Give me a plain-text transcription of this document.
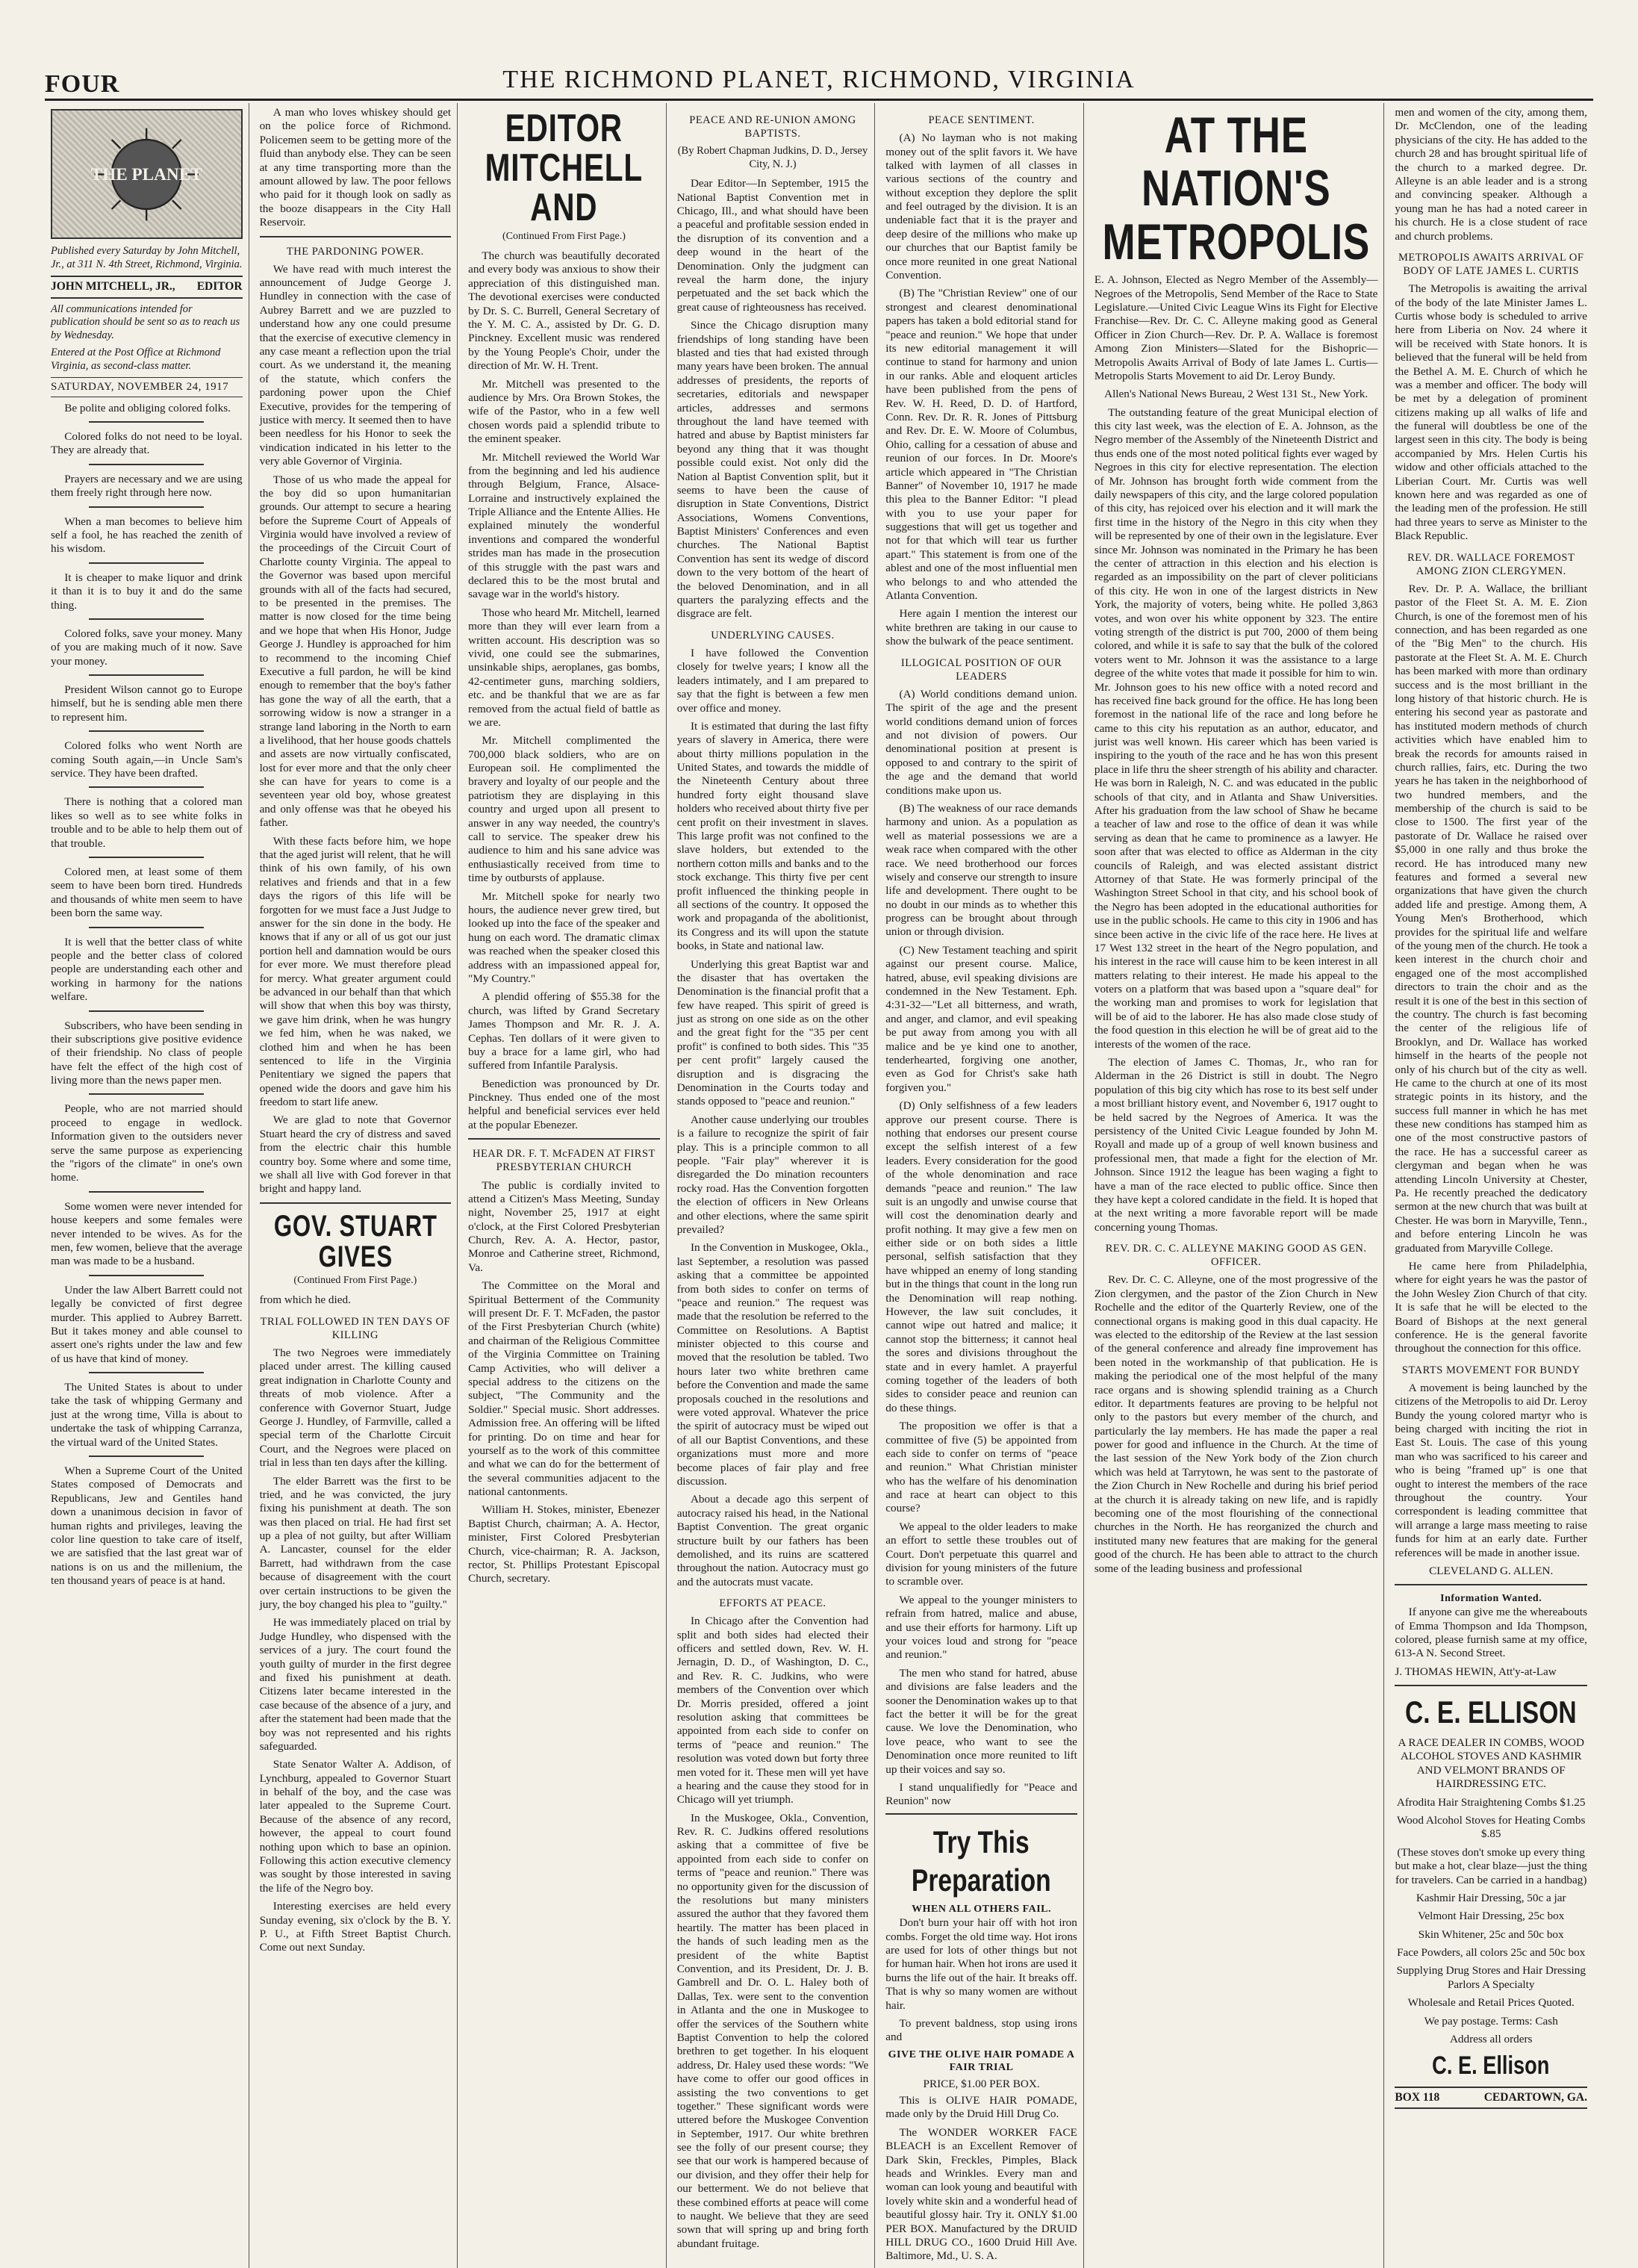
FOUR	THE RICHMOND PLANET, RICHMOND, VIRGINIA
THE PLANET
Published every Saturday by John Mitchell, Jr., at 311 N. 4th Street, Richmond, Virginia.
JOHN MITCHELL, JR., EDITOR
All communications intended for publication should be sent so as to reach us by Wednesday.
Entered at the Post Office at Richmond Virginia, as second-class matter.
SATURDAY, NOVEMBER 24, 1917

Be polite and obliging colored folks.

Colored folks do not need to be loyal. They are already that.

Prayers are necessary and we are using them freely right through here now.

When a man becomes to believe him self a fool, he has reached the zenith of his wisdom.

It is cheaper to make liquor and drink it than it is to buy it and do the same thing.

Colored folks, save your money. Many of you are making much of it now. Save your money.

President Wilson cannot go to Europe himself, but he is sending able men there to represent him.

Colored folks who went North are coming South again,—in Uncle Sam's service. They have been drafted.

There is nothing that a colored man likes so well as to see white folks in trouble and to be able to help them out of that trouble.

Colored men, at least some of them seem to have been born tired. Hundreds and thousands of white men seem to have been born the same way.

It is well that the better class of white people and the better class of colored people are understanding each other and working in harmony for the nations welfare.

Subscribers, who have been sending in their subscriptions give positive evidence of their friendship. No class of people have felt the effect of the high cost of living more than the news paper men.

People, who are not married should proceed to engage in wedlock. Information given to the outsiders never serve the same purpose as experiencing the "rigors of the climate" in one's own home.

Some women were never intended for house keepers and some females were never intended to be wives. As for the men, few women, believe that the average man was made to be a husband.

Under the law Albert Barrett could not legally be convicted of first degree murder. This applied to Aubrey Barrett. But it takes money and able counsel to assert one's rights under the law and few of us have that kind of money.

The United States is about to under take the task of whipping Germany and just at the wrong time, Villa is about to undertake the task of whipping Carranza, the virtual ward of the United States.

When a Supreme Court of the United States composed of Democrats and Republicans, Jew and Gentiles hand down a unanimous decision in favor of human rights and privileges, leaving the color line question to take care of itself, we are satisfied that the last great war of nations is on us and the millenium, the ten thousand years of peace is at hand.

A man who loves whiskey should get on the police force of Richmond. Policemen seem to be getting more of the fluid than anybody else. They can be seen at any time transporting more than the amount allowed by law. The poor fellows who paid for it though look on sadly as the booze disappears in the City Hall Reservoir.

THE PARDONING POWER.

We have read with much interest the announcement of Judge George J. Hundley in connection with the case of Aubrey Barrett and we are puzzled to understand how any one could presume that the exercise of executive clemency in any case meant a reflection upon the trial court. As we understand it, the meaning of the statute, which confers the pardoning power upon the Chief Executive, provides for the tempering of justice with mercy. It seemed then to have been needless for his Honor to seek the vindication indicated in his letter to the very able Governor of Virginia.

Those of us who made the appeal for the boy did so upon humanitarian grounds. Our attempt to secure a hearing before the Supreme Court of Appeals of Virginia would have involved a review of the proceedings of the Circuit Court of Charlotte county Virginia. The appeal to the Governor was based upon merciful grounds with all of the facts had secured, to be presented in the premises. The matter is now closed for the time being and we hope that when His Honor, Judge George J. Hundley is approached for him to recommend to the incoming Chief Executive a full pardon, he will be kind enough to remember that the boy's father has gone the way of all the earth, that a sorrowing widow is now a stranger in a strange land laboring in the North to earn a livelihood, that her house goods chattels and assets are now virtually confiscated, lost for ever more and that the only cheer she can have for years to come is a seventeen year old boy, whose greatest and only offense was that he obeyed his father.

With these facts before him, we hope that the aged jurist will relent, that he will think of his own family, of his own relatives and friends and that in a few days the rigors of this life will be forgotten for we must face a Just Judge to answer for the sin done in the body. He knows that if any or all of us got our just portion hell and damnation would be ours for ever more. We must therefore plead for mercy. What greater argument could be advanced in our behalf than that which will show that when this boy was thirsty, we gave him drink, when he was hungry we fed him, when he was naked, we clothed him and when he has been sentenced to life in the Virginia Penitentiary we signed the papers that opened wide the doors and gave him his freedom to start life anew.

We are glad to note that Governor Stuart heard the cry of distress and saved from the electric chair this humble country boy. Some where and some time, we shall all live with God forever in that bright and happy land.

GOV. STUART GIVES
(Continued From First Page.)

from which he died.

TRIAL FOLLOWED IN TEN DAYS OF KILLING

The two Negroes were immediately placed under arrest. The killing caused great indignation in Charlotte County and threats of mob violence. After a conference with Governor Stuart, Judge George J. Hundley, of Farmville, called a special term of the Charlotte Circuit Court, and the Negroes were placed on trial in less than ten days after the killing.

The elder Barrett was the first to be tried, and he was convicted, the jury fixing his punishment at death. The son was then placed on trial. He had first set up a plea of not guilty, but after William A. Lancaster, counsel for the elder Barrett, had withdrawn from the case because of disagreement with the court over certain instructions to be given the jury, the boy changed his plea to "guilty."

He was immediately placed on trial by Judge Hundley, who dispensed with the services of a jury. The court found the youth guilty of murder in the first degree and fixed his punishment at death. Citizens later became interested in the case because of the absence of a jury, and after the statement had been made that the boy was not represented and his rights safeguarded.

State Senator Walter A. Addison, of Lynchburg, appealed to Governor Stuart in behalf of the boy, and the case was later appealed to the Supreme Court. Because of the absence of any record, however, the appeal to court found nothing upon which to base an opinion. Following this action executive clemency was sought by those interested in saving the life of the Negro boy.

Interesting exercises are held every Sunday evening, six o'clock by the B. Y. P. U., at Fifth Street Baptist Church. Come out next Sunday.

EDITOR MITCHELL AND
(Continued From First Page.)

The church was beautifully decorated and every body was anxious to show their appreciation of this distinguished man. The devotional exercises were conducted by Dr. S. C. Burrell, General Secretary of the Y. M. C. A., assisted by Dr. G. D. Pinckney. Excellent music was rendered by the Young People's Choir, under the direction of Mr. W. H. Trent.

Mr. Mitchell was presented to the audience by Mrs. Ora Brown Stokes, the wife of the Pastor, who in a few well chosen words paid a splendid tribute to the eminent speaker.

Mr. Mitchell reviewed the World War from the beginning and led his audience through Belgium, France, Alsace-Lorraine and instructively explained the Triple Alliance and the Entente Allies. He explained minutely the wonderful inventions and compared the wonderful strides man has made in the prosecution of this struggle with the past wars and declared this to be the most brutal and savage war in the world's history.

Those who heard Mr. Mitchell, learned more than they will ever learn from a written account. His description was so vivid, one could see the submarines, unsinkable ships, aeroplanes, gas bombs, 42-centimeter guns, marching soldiers, etc. and be thankful that we are as far removed from the actual field of battle as we are.

Mr. Mitchell complimented the 700,000 black soldiers, who are on European soil. He complimented the bravery and loyalty of our people and the patriotism they are displaying in this country and urged upon all present to answer in any way needed, the country's call to service. The speaker drew his audience to him and his sane advice was enthusiastically received from time to time by outbursts of applause.

Mr. Mitchell spoke for nearly two hours, the audience never grew tired, but looked up into the face of the speaker and hung on each word. The dramatic climax was reached when the speaker closed this address with an impassioned appeal for, "My Country."

A plendid offering of $55.38 for the church, was lifted by Grand Secretary James Thompson and Mr. R. J. A. Cephas. Ten dollars of it were given to buy a brace for a lame girl, who had suffered from Infantile Paralysis.

Benediction was pronounced by Dr. Pinckney. Thus ended one of the most helpful and beneficial services ever held at the popular Ebenezer.

HEAR DR. F. T. McFADEN AT FIRST PRESBYTERIAN CHURCH

The public is cordially invited to attend a Citizen's Mass Meeting, Sunday night, November 25, 1917 at eight o'clock, at the First Colored Presbyterian Church, Rev. A. A. Hector, pastor, Monroe and Catherine street, Richmond, Va.

The Committee on the Moral and Spiritual Betterment of the Community will present Dr. F. T. McFaden, the pastor of the First Presbyterian Church (white) and chairman of the Religious Committee of the Virginia Committee on Training Camp Activities, who will deliver a special address to the citizens on the subject, "The Community and the Soldier." Special music. Short addresses. Admission free. An offering will be lifted for printing. Do on time and hear for yourself as to the work of this committee and what we can do for the betterment of the several communities adjacent to the national cantonments.

William H. Stokes, minister, Ebenezer Baptist Church, chairman; A. A. Hector, minister, First Colored Presbyterian Church, vice-chairman; R. A. Jackson, rector, St. Phillips Protestant Episcopal Church, secretary.

PEACE AND RE-UNION AMONG BAPTISTS.
(By Robert Chapman Judkins, D. D., Jersey City, N. J.)

Dear Editor—In September, 1915 the National Baptist Convention met in Chicago, Ill., and what should have been a peaceful and profitable session ended in the disruption of its convention and a deep wound in the heart of the Denomination. Only the judgment can reveal the harm done, the injury perpetuated and the set back which the great cause of righteousness has received.

Since the Chicago disruption many friendships of long standing have been blasted and ties that had existed through many years have been broken. The annual addresses of presidents, the reports of secretaries, editorials and newspaper articles, addresses and sermons throughout the land have teemed with hatred and abuse by Baptist ministers far beyond any thing that it was thought possible could exist. Not only did the Nation al Baptist Convention split, but it seems to have been the cause of disruption in State Conventions, District Associations, Womens Conventions, Baptist Ministers' Conferences and even churches. The National Baptist Convention has sent its wedge of discord down to the very bottom of the heart of the beloved Denomination, and in all quarters the paralyzing effects and the disgrace are felt.

UNDERLYING CAUSES.

I have followed the Convention closely for twelve years; I know all the leaders intimately, and I am prepared to say that the fight is between a few men over office and money.

It is estimated that during the last fifty years of slavery in America, there were about thirty millions population in the United States, and towards the middle of the Nineteenth Century about three hundred forty eight thousand slave holders who received about thirty five per cent profit on their investment in slaves. This large profit was not confined to the slave holders, but extended to the northern cotton mills and banks and to the stock exchange. This thirty five per cent profit influenced the thinking people in all sections of the country. It opposed the work and propaganda of the abolitionist, its Congress and its will upon the statute books, in State and national law.

Underlying this great Baptist war and the disaster that has overtaken the Denomination is the financial profit that a few have reaped. This spirit of greed is just as strong on one side as on the other and the great fight for the "35 per cent profit" is confined to both sides. This "35 per cent profit" largely caused the disruption and is disgracing the Denomination in the Courts today and stands opposed to "peace and reunion."

Another cause underlying our troubles is a failure to recognize the spirit of fair play. This is a principle common to all people. "Fair play" wherever it is disregarded the Do mination recounters rocky road. Has the Convention forgotten the election of officers in New Orleans and other elections, where the same spirit prevailed?

In the Convention in Muskogee, Okla., last September, a resolution was passed asking that a committee be appointed from both sides to confer on terms of "peace and reunion." The request was made that the resolution be referred to the Committee on Resolutions. A Baptist minister objected to this course and moved that the resolution be tabled. Two hours later two white brethren came before the Convention and made the same proposals couched in the resolutions and were voted approval. Whatever the price the spirit of autocracy must be wiped out of all our Baptist Conventions, and these organizations must more and more become places of fair play and free discussion.

About a decade ago this serpent of autocracy raised his head, in the National Baptist Convention. The great organic structure built by our fathers has been demolished, and its ruins are scattered throughout the nation. Autocracy must go and the autocrats must vacate.

EFFORTS AT PEACE.

In Chicago after the Convention had split and both sides had elected their officers and settled down, Rev. W. H. Jernagin, D. D., of Washington, D. C., and Rev. R. C. Judkins, who were members of the Convention over which Dr. Morris presided, offered a joint resolution asking that committees be appointed from each side to confer on terms of "peace and reunion." The resolution was voted down but forty three men voted for it. These men will yet have a hearing and the cause they stood for in Chicago will yet triumph.

In the Muskogee, Okla., Convention, Rev. R. C. Judkins offered resolutions asking that a committee of five be appointed from each side to confer on terms of "peace and reunion." There was no opportunity given for the discussion of the resolutions but many ministers assured the author that they favored them heartily. The matter has been placed in the hands of such leading men as the president of the white Baptist Convention, and its President, Dr. J. B. Gambrell and Dr. O. L. Haley both of Dallas, Tex. were sent to the convention in Atlanta and the one in Muskogee to offer the services of the Southern white Baptist Convention to help the colored brethren to get together. In his eloquent address, Dr. Haley used these words: "We have come to offer our good offices in assisting the two conventions to get together." These significant words were uttered before the Muskogee Convention in September, 1917. Our white brethren see the folly of our present course; they see that our work is hampered because of our division, and they offer their help for our betterment. We do not believe that these combined efforts at peace will come to naught. We believe that they are seed sown that will spring up and bring forth abundant fruitage.

PEACE SENTIMENT.

(A) No layman who is not making money out of the split favors it. We have talked with laymen of all classes in various sections of the country and without exception they deplore the split and feel outraged by the division. It is an undeniable fact that it is the prayer and deep desire of the millions who make up our churches that our Baptist family be once more reunited in one great National Convention.

(B) The "Christian Review" one of our strongest and clearest denominational papers has taken a bold editorial stand for "peace and reunion." We hope that under its new editorial management it will continue to stand for harmony and union in our ranks. Able and eloquent articles have been published from the pens of Rev. W. H. Reed, D. D. of Hartford, Conn. Rev. Dr. R. R. Jones of Pittsburg and Rev. Dr. E. W. Moore of Columbus, Ohio, calling for a cessation of abuse and reunion of our forces. In Dr. Moore's article which appeared in "The Christian Banner" of November 10, 1917 he made this plea to the Banner Editor: "I plead with you to use your paper for suggestions that will get us together and not for that which will tear us further apart." This statement is from one of the ablest and one of the most influential men who belongs to and who attended the Atlanta Convention.

Here again I mention the interest our white brethren are taking in our cause to show the bulwark of the peace sentiment.

ILLOGICAL POSITION OF OUR LEADERS

(A) World conditions demand union. The spirit of the age and the present world conditions demand union of forces and not division of powers. Our denominational position at present is opposed to and contrary to the spirit of the age and the demand that world conditions make upon us.

(B) The weakness of our race demands harmony and union. As a population as well as material possessions we are a weak race when compared with the other race. We need brotherhood our forces wisely and conserve our strength to insure life and development. There ought to be no doubt in our minds as to whether this progress can be brought about through union or through division.

(C) New Testament teaching and spirit against our present course. Malice, hatred, abuse, evil speaking divisions are condemned in the New Testament. Eph. 4:31-32—"Let all bitterness, and wrath, and anger, and clamor, and evil speaking be put away from among you with all malice and be ye kind one to another, tenderhearted, forgiving one another, even as God for Christ's sake hath forgiven you."

(D) Only selfishness of a few leaders approve our present course. There is nothing that endorses our present course except the selfish interest of a few leaders. Every consideration for the good of the whole denomination and race demands "peace and reunion." The law suit is an ungodly and unwise course that will cost the denomination dearly and profit nothing. It may give a few men on either side or on both sides a little personal, selfish satisfaction that they have whipped an enemy of long standing but in the things that count in the long run the Denomination will reap nothing. However, the law suit concludes, it cannot wipe out hatred and malice; it cannot stop the bitterness; it cannot heal the sores and divisions throughout the state and in every hamlet. A prayerful coming together of the leaders of both sides to consider peace and reunion can do these things.

The proposition we offer is that a committee of five (5) be appointed from each side to confer on terms of "peace and reunion." What Christian minister who has the welfare of his denomination and race at heart can object to this course?

We appeal to the older leaders to make an effort to settle these troubles out of Court. Don't perpetuate this quarrel and division for young ministers of the future to scramble over.

We appeal to the younger ministers to refrain from hatred, malice and abuse, and use their efforts for harmony. Lift up your voices loud and strong for "peace and reunion."

The men who stand for hatred, abuse and divisions are false leaders and the sooner the Denomination wakes up to that fact the better it will be for the great cause. We love the Denomination, who love peace, who want to see the Denomination once more reunited to lift up their voices and say so.

I stand unqualifiedly for "Peace and Reunion" now

Try This Preparation
WHEN ALL OTHERS FAIL.

Don't burn your hair off with hot iron combs. Forget the old time way. Hot irons are used for lots of other things but not for human hair. When hot irons are used it burns the life out of the hair. It breaks off. That is why so many women are without hair.

To prevent baldness, stop using irons and

GIVE THE OLIVE HAIR POMADE A FAIR TRIAL
PRICE, $1.00 PER BOX.

This is OLIVE HAIR POMADE, made only by the Druid Hill Drug Co.

The WONDER WORKER FACE BLEACH is an Excellent Remover of Dark Skin, Freckles, Pimples, Black heads and Wrinkles. Every man and woman can look young and beautiful with lovely white skin and a wonderful head of beautiful glossy hair. Try it. ONLY $1.00 PER BOX. Manufactured by the DRUID HILL DRUG CO., 1600 Druid Hill Ave. Baltimore, Md., U. S. A.

AT THE NATION'S METROPOLIS

E. A. Johnson, Elected as Negro Member of the Assembly—Negroes of the Metropolis, Send Member of the Race to State Legislature.—United Civic League Wins its Fight for Elective Franchise—Rev. Dr. C. C. Alleyne making good as General Officer in Zion Church—Rev. Dr. P. A. Wallace is foremost Among Zion Ministers—Slated for the Bishopric—Metropolis Awaits Arrival of Body of late James L. Curtis—Metropolis Starts Movement to aid Dr. Leroy Bundy.

Allen's National News Bureau, 2 West 131 St., New York.

The outstanding feature of the great Municipal election of this city last week, was the election of E. A. Johnson, as the Negro member of the Assembly of the Nineteenth District and thus ends one of the most noted political fights ever waged by Negroes in this city for elective representation. The election of Mr. Johnson has brought forth wide comment from the daily newspapers of this city, and the large colored population of this city, has rejoiced over his election and it will mark the first time in the history of the Negro in this city when they will be represented by one of their own in the legislature. Ever since Mr. Johnson was nominated in the Primary he has been the center of attraction in this election and his election is regarded as an impossibility on the part of clever politicians of this city. He won in one of the largest districts in New York, the majority of voters, being white. He polled 3,863 votes, and won over his white opponent by 323. The entire voting strength of the district is put 700, 2000 of them being colored, and while it is safe to say that the bulk of the colored voters went to Mr. Johnson it was the assistance to a large degree of the white votes that made it possible for him to win. Mr. Johnson goes to his new office with a noted record and has received fine back ground for the office. He has long been foremost in the national life of the race and long before he came to this city his reputation as an author, educator, and jurist was well known. His career which has been varied is inspiring to the youth of the race and he has won this present place in life thru the sheer strength of his ability and character. He was born in Raleigh, N. C. and was educated in the public schools of that city, and in Atlanta and Shaw Universities. After his graduation from the law school of Shaw he became a teacher of law and rose to the office of dean it was while serving as dean that he came to prominence as a lawyer. He soon after that was elected to office as Alderman in the city councils of Raleigh, and was elected assistant district Attorney of that State. He was formerly principal of the Washington Street School in that city, and his school book of the Negro has been adopted in the educational authorities for use in the public schools. He came to this city in 1906 and has since been active in the civic life of the race here. He lives at 17 West 132 street in the heart of the Negro population, and his interest in the race will cause him to be keen interest in all matters relating to their interest. He made his appeal to the voters on a platform that was based upon a "square deal" for the working man and promises to work for legislation that will be of aid to the laborer. He has also made close study of the food question in this election he will be of great aid to the interests of the women of the race.

The election of James C. Thomas, Jr., who ran for Alderman in the 26 District is still in doubt. The Negro population of this big city which has rose to its best self under a most brilliant history event, and November 6, 1917 ought to be held sacred by the Negroes of America. It was the persistency of the United Civic League founded by John M. Royall and made up of a group of well known business and professional men, that made a fight for the election of Mr. Johnson. Since 1912 the league has been waging a fight to have a man of the race elected to public office. Since then they have kept a colored candidate in the field. It is hoped that at the next writing a more favorable report will be made concerning young Thomas.

REV. DR. C. C. ALLEYNE MAKING GOOD AS GEN. OFFICER.

Rev. Dr. C. C. Alleyne, one of the most progressive of the Zion clergymen, and the pastor of the Zion Church in New Rochelle and the editor of the Quarterly Review, one of the connectional organs is making good in this dual capacity. He was elected to the editorship of the Review at the last session of the general conference and already fine improvement has been noted in the workmanship of that publication. He is making the periodical one of the most helpful of the many race organs and is showing splendid training as a Church editor. It departments features are proving to be helpful not only to the pastors but every member of the church, and particularly the lay members. He has made the paper a real power for good and influence in the Church. At the time of the last session of the New York body of the Zion church which was held at Tarrytown, he was sent to the pastorate of the Zion Church in New Rochelle and during his brief period at the church it is already taking on new life, and is rapidly becoming one of the most flourishing of the connectional churches in the North. He has reorganized the church and instituted many new features that are making for the general good of the church. He has been able to attract to the church some of the leading business and professional

men and women of the city, among them, Dr. McClendon, one of the leading physicians of the city. He has added to the church 28 and has brought spiritual life of the church to a marked degree. Dr. Alleyne is an able leader and is a strong and convincing speaker. Although a young man he has had a noted career in his church. He is a close student of race and church problems.

METROPOLIS AWAITS ARRIVAL OF BODY OF LATE JAMES L. CURTIS

The Metropolis is awaiting the arrival of the body of the late Minister James L. Curtis whose body is scheduled to arrive here from Liberia on Nov. 24 where it will be received with State honors. It is believed that the funeral will be held from the Bethel A. M. E. Church of which he was a member and officer. The body will be met by a delegation of prominent citizens making up all walks of life and the funeral will doubtless be one of the largest seen in this city. The body is being accompanied by Mrs. Helen Curtis his widow and other officials attached to the Liberian Court. Mr. Curtis was well known here and was regarded as one of the leading men of the profession. He still had three years to serve as Minister to the Black Republic.

REV. DR. WALLACE FOREMOST AMONG ZION CLERGYMEN.

Rev. Dr. P. A. Wallace, the brilliant pastor of the Fleet St. A. M. E. Zion Church, is one of the foremost men of his connection, and has been regarded as one of the "Big Men" to the church. His pastorate at the Fleet St. A. M. E. Church has been marked with more than ordinary success and is the most brilliant in the long history of that historic church. He is entering his second year as pastorate and has instituted modern methods of church activities which have enabled him to break the records for amounts raised in church rallies, fairs, etc. During the two years he has taken in the neighborhood of two hundred members, and the membership of the church is said to be close to 1500. The first year of the pastorate of Dr. Wallace he raised over $5,000 in one rally and thus broke the record. He has introduced many new features and formed a several new organizations that have given the church added life and prestige. Among them, A Young Men's Brotherhood, which provides for the spiritual life and welfare of the young men of the church. He took a keen interest in the church choir and engaged one of the most accomplished directors to train the choir and as the result it is one of the best in this section of the country. The church is fast becoming the center of the religious life of Brooklyn, and Dr. Wallace has worked himself in the hearts of the people not only of his church but of the city as well. He came to the church at one of its most strategic points in its history, and the success full manner in which he has met these new conditions has stamped him as one of the most constructive pastors of the race. He has a successful career as clergyman and began when he was attending Lincoln University at Chester, Pa. He recently preached the dedicatory sermon at the new church that was built at Chester. He was born in Maryville, Tenn., and before entering Lincoln he was graduated from Maryville College.

He came here from Philadelphia, where for eight years he was the pastor of the John Wesley Zion Church of that city. It is safe that he will be elected to the Board of Bishops at the next general conference. He is the general favorite throughout the connection for this office.

STARTS MOVEMENT FOR BUNDY

A movement is being launched by the citizens of the Metropolis to aid Dr. Leroy Bundy the young colored martyr who is being charged with inciting the riot in East St. Louis. The case of this young man who was sacrificed to his career and who is being "framed up" is one that ought to interest the members of the race throughout the country. Your correspondent is leading committee that will arrange a large mass meeting to raise funds for him at an early date. Further references will be made in another issue.

CLEVELAND G. ALLEN.

Information Wanted.

If anyone can give me the whereabouts of Emma Thompson and Ida Thompson, colored, please furnish same at my office, 613-A N. Second Street.

J. THOMAS HEWIN, Att'y-at-Law

C. E. ELLISON

A RACE DEALER IN COMBS, WOOD ALCOHOL STOVES AND KASHMIR AND VELMONT BRANDS OF HAIRDRESSING ETC.

Afrodita Hair Straightening Combs $1.25

Wood Alcohol Stoves for Heating Combs $.85

(These stoves don't smoke up every thing but make a hot, clear blaze—just the thing for travelers. Can be carried in a handbag)

Kashmir Hair Dressing, 50c a jar

Velmont Hair Dressing, 25c box

Skin Whitener, 25c and 50c box

Face Powders, all colors 25c and 50c box

Supplying Drug Stores and Hair Dressing Parlors A Specialty

Wholesale and Retail Prices Quoted.

We pay postage. Terms: Cash

Address all orders

C. E. Ellison
BOX 118	CEDARTOWN, GA.
